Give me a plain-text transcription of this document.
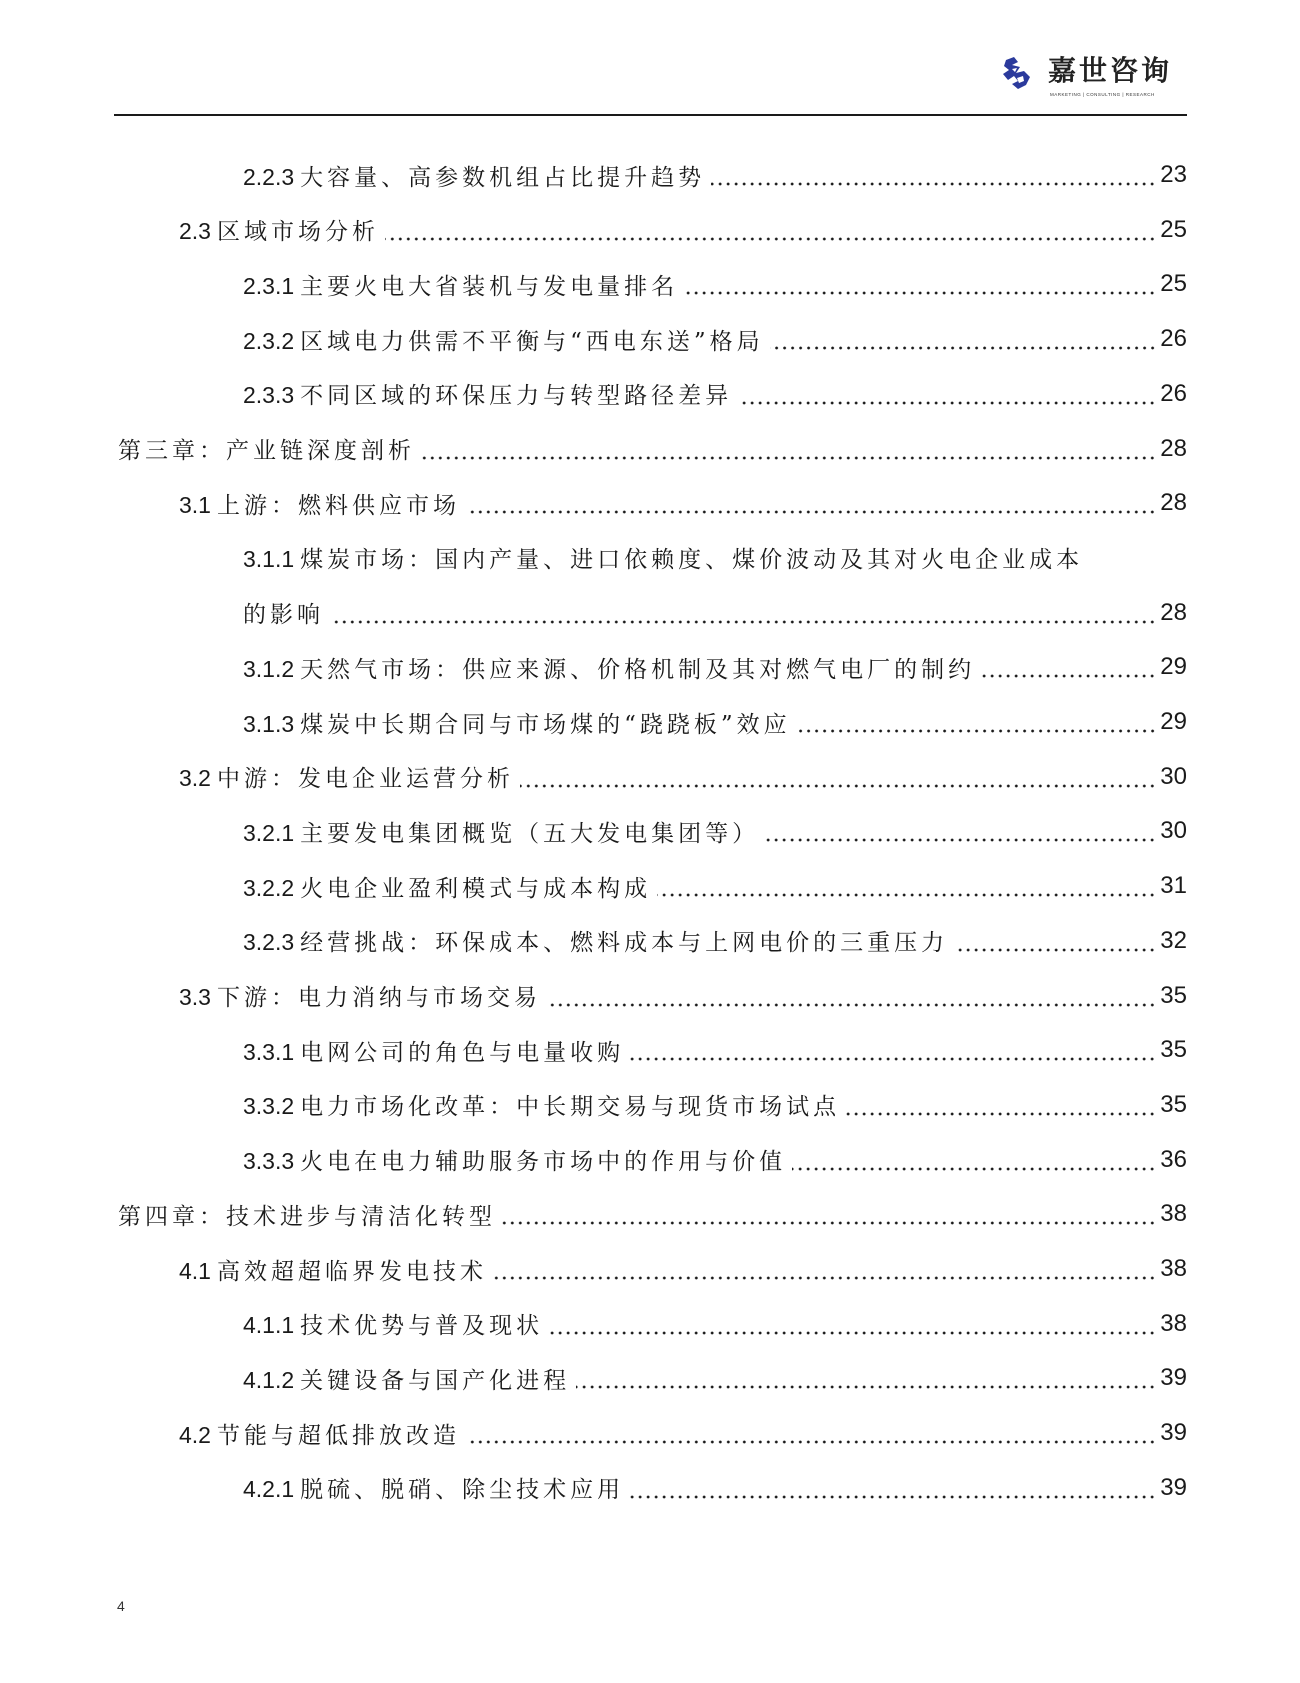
嘉世咨询
MARKETING | CONSULTING | RESEARCH
2.2.3 大容量、高参数机组占比提升趋势	23
2.3 区域市场分析	25
2.3.1 主要火电大省装机与发电量排名	25
2.3.2 区域电力供需不平衡与“西电东送”格局	26
2.3.3 不同区域的环保压力与转型路径差异	26
第三章：产业链深度剖析	28
3.1 上游：燃料供应市场	28
3.1.1 煤炭市场：国内产量、进口依赖度、煤价波动及其对火电企业成本
的影响	28
3.1.2 天然气市场：供应来源、价格机制及其对燃气电厂的制约	29
3.1.3 煤炭中长期合同与市场煤的“跷跷板”效应	29
3.2 中游：发电企业运营分析	30
3.2.1 主要发电集团概览（五大发电集团等）	30
3.2.2 火电企业盈利模式与成本构成	31
3.2.3 经营挑战：环保成本、燃料成本与上网电价的三重压力	32
3.3 下游：电力消纳与市场交易	35
3.3.1 电网公司的角色与电量收购	35
3.3.2 电力市场化改革：中长期交易与现货市场试点	35
3.3.3 火电在电力辅助服务市场中的作用与价值	36
第四章：技术进步与清洁化转型	38
4.1 高效超超临界发电技术	38
4.1.1 技术优势与普及现状	38
4.1.2 关键设备与国产化进程	39
4.2 节能与超低排放改造	39
4.2.1 脱硫、脱硝、除尘技术应用	39
4
